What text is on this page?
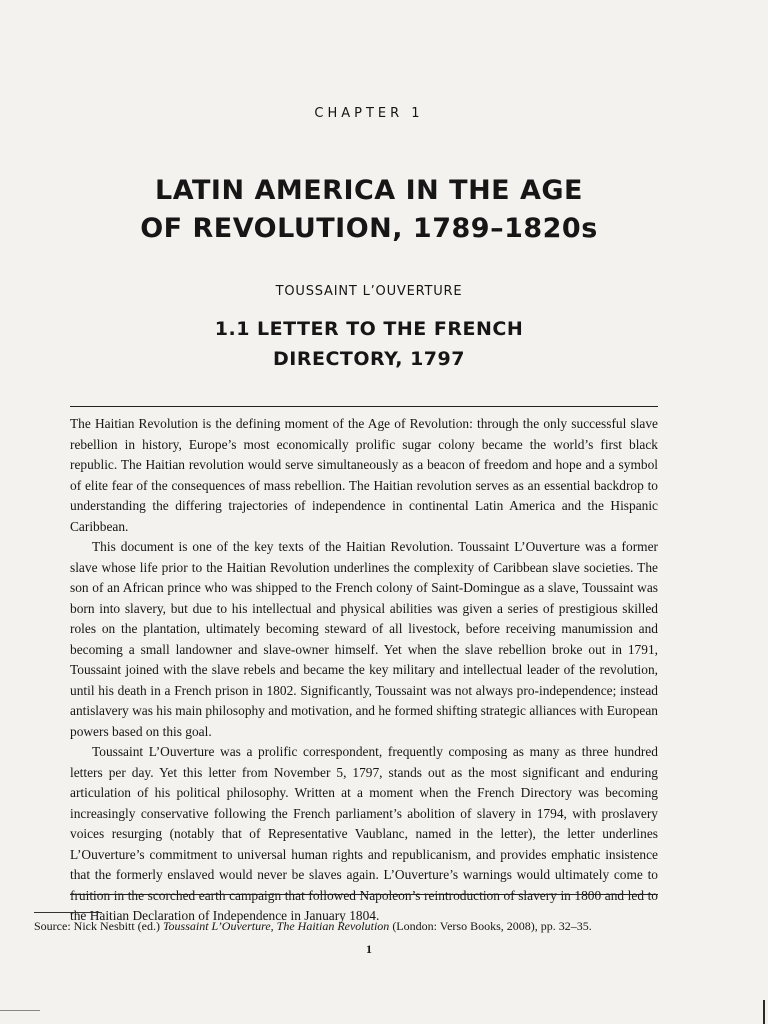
CHAPTER 1
LATIN AMERICA IN THE AGE
OF REVOLUTION, 1789–1820s
TOUSSAINT L’OUVERTURE
1.1 LETTER TO THE FRENCH
DIRECTORY, 1797

The Haitian Revolution is the defining moment of the Age of Revolution: through the only successful slave rebellion in history, Europe’s most economically prolific sugar colony became the world’s first black republic. The Haitian revolution would serve simultaneously as a beacon of freedom and hope and a symbol of elite fear of the consequences of mass rebellion. The Haitian revolution serves as an essential backdrop to understanding the differing trajectories of independence in continental Latin America and the Hispanic Caribbean.

This document is one of the key texts of the Haitian Revolution. Toussaint L’Ouverture was a former slave whose life prior to the Haitian Revolution underlines the complexity of Caribbean slave societies. The son of an African prince who was shipped to the French colony of Saint-Domingue as a slave, Toussaint was born into slavery, but due to his intellectual and physical abilities was given a series of prestigious skilled roles on the plantation, ultimately becoming steward of all livestock, before receiving manumission and becoming a small landowner and slave-owner himself. Yet when the slave rebellion broke out in 1791, Toussaint joined with the slave rebels and became the key military and intellectual leader of the revolution, until his death in a French prison in 1802. Significantly, Toussaint was not always pro-independence; instead antislavery was his main philosophy and motivation, and he formed shifting strategic alliances with European powers based on this goal.

Toussaint L’Ouverture was a prolific correspondent, frequently composing as many as three hundred letters per day. Yet this letter from November 5, 1797, stands out as the most significant and enduring articulation of his political philosophy. Written at a moment when the French Directory was becoming increasingly conservative following the French parliament’s abolition of slavery in 1794, with proslavery voices resurging (notably that of Representative Vaublanc, named in the letter), the letter underlines L’Ouverture’s commitment to universal human rights and republicanism, and provides emphatic insistence that the formerly enslaved would never be slaves again. L’Ouverture’s warnings would ultimately come to fruition in the scorched earth campaign that followed Napoleon’s reintroduction of slavery in 1800 and led to the Haitian Declaration of Independence in January 1804.

Source: Nick Nesbitt (ed.) Toussaint L’Ouverture, The Haitian Revolution (London: Verso Books, 2008), pp. 32–35.
1
